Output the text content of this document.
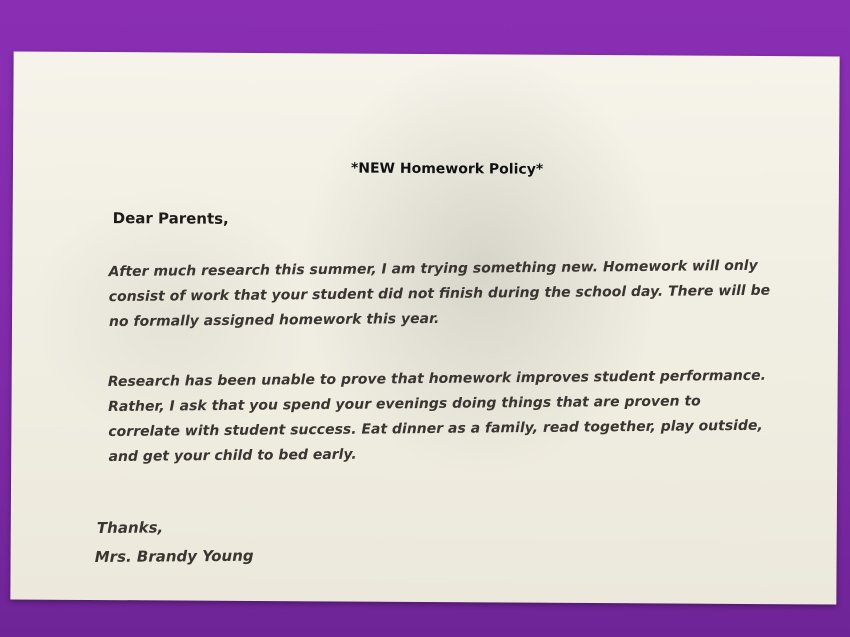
*NEW Homework Policy*
Dear Parents,
After much research this summer, I am trying something new. Homework will only
consist of work that your student did not finish during the school day. There will be
no formally assigned homework this year.
Research has been unable to prove that homework improves student performance.
Rather, I ask that you spend your evenings doing things that are proven to
correlate with student success. Eat dinner as a family, read together, play outside,
and get your child to bed early.
Thanks,
Mrs. Brandy Young
